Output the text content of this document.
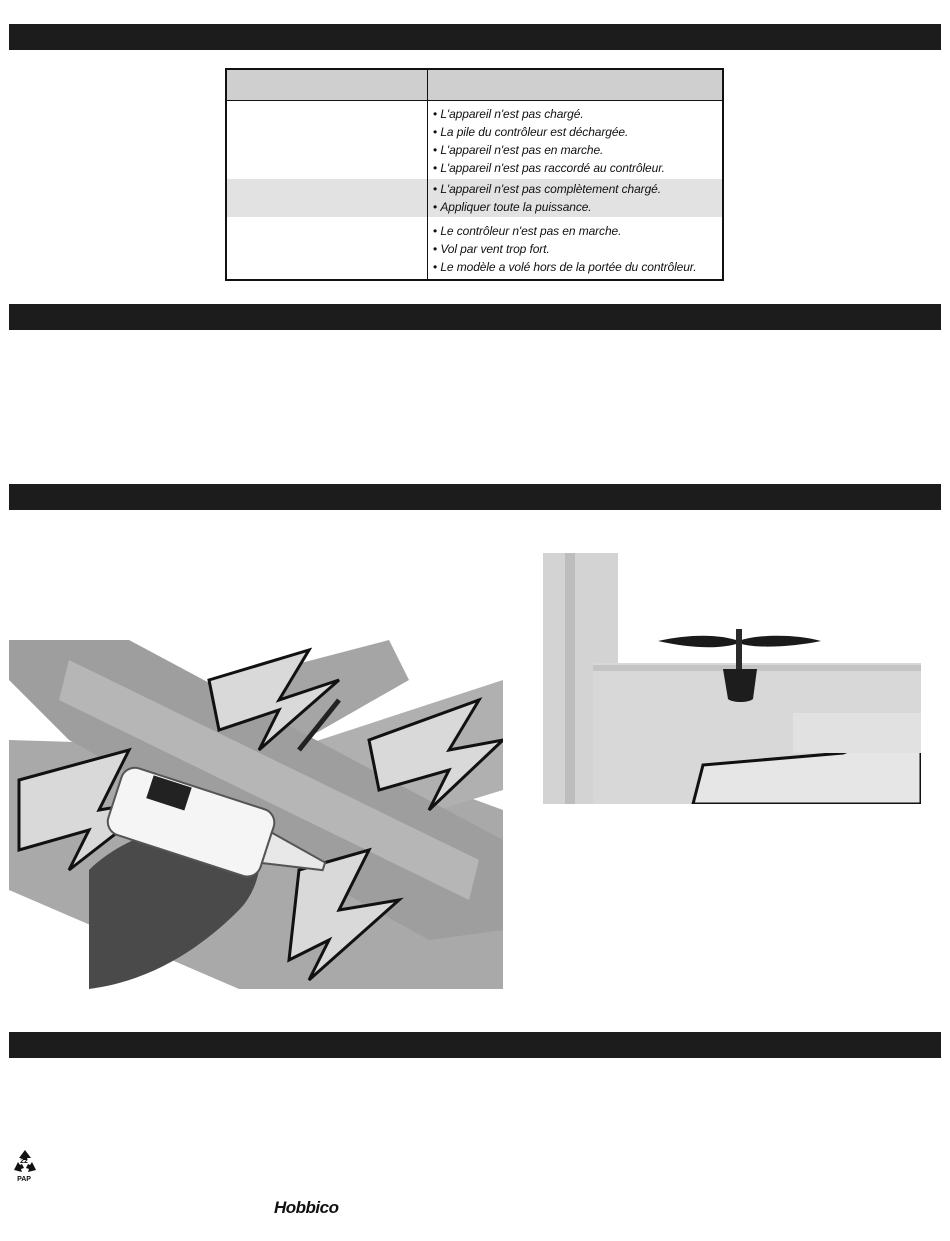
• L'appareil n'est pas chargé.
• La pile du contrôleur est déchargée.
• L'appareil n'est pas en marche.
• L'appareil n'est pas raccordé au contrôleur.
• L'appareil n'est pas complètement chargé.
• Appliquer toute la puissance.
• Le contrôleur n'est pas en marche.
• Vol par vent trop fort.
• Le modèle a volé hors de la portée du contrôleur.
22
PAP
Hobbico
